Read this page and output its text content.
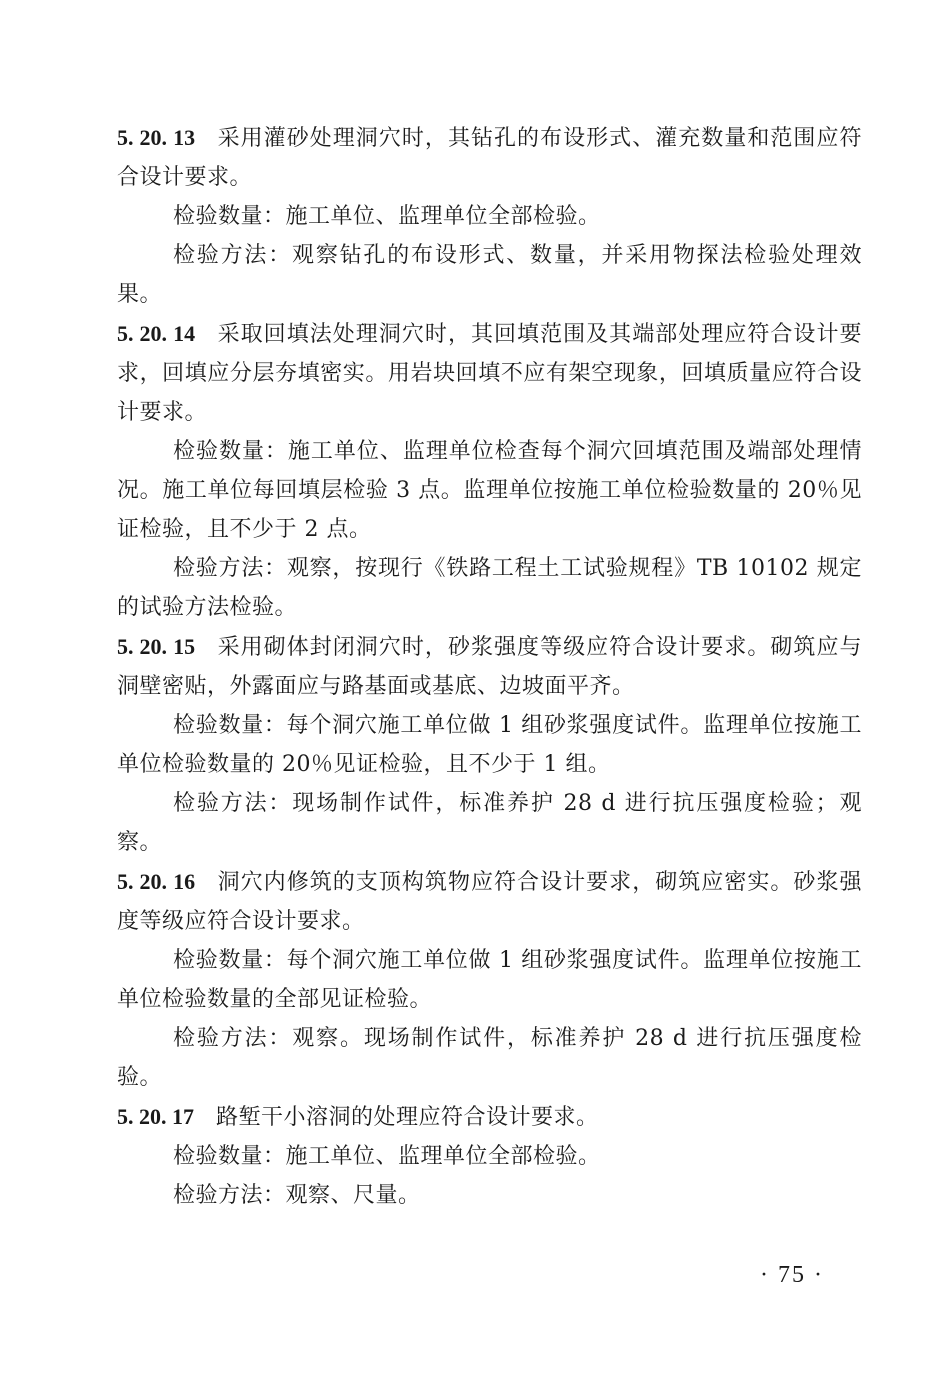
5. 20. 13 采用灌砂处理洞穴时，其钻孔的布设形式、灌充数量和范围应符合设计要求。

检验数量：施工单位、监理单位全部检验。

检验方法：观察钻孔的布设形式、数量，并采用物探法检验处理效果。

5. 20. 14 采取回填法处理洞穴时，其回填范围及其端部处理应符合设计要求，回填应分层夯填密实。用岩块回填不应有架空现象，回填质量应符合设计要求。

检验数量：施工单位、监理单位检查每个洞穴回填范围及端部处理情况。施工单位每回填层检验 3 点。监理单位按施工单位检验数量的 20％见证检验，且不少于 2 点。

检验方法：观察，按现行《铁路工程土工试验规程》TB 10102 规定的试验方法检验。

5. 20. 15 采用砌体封闭洞穴时，砂浆强度等级应符合设计要求。砌筑应与洞壁密贴，外露面应与路基面或基底、边坡面平齐。

检验数量：每个洞穴施工单位做 1 组砂浆强度试件。监理单位按施工单位检验数量的 20％见证检验，且不少于 1 组。

检验方法：现场制作试件，标准养护 28 d 进行抗压强度检验；观察。

5. 20. 16 洞穴内修筑的支顶构筑物应符合设计要求，砌筑应密实。砂浆强度等级应符合设计要求。

检验数量：每个洞穴施工单位做 1 组砂浆强度试件。监理单位按施工单位检验数量的全部见证检验。

检验方法：观察。现场制作试件，标准养护 28 d 进行抗压强度检验。

5. 20. 17 路堑干小溶洞的处理应符合设计要求。

检验数量：施工单位、监理单位全部检验。

检验方法：观察、尺量。

· 75 ·
